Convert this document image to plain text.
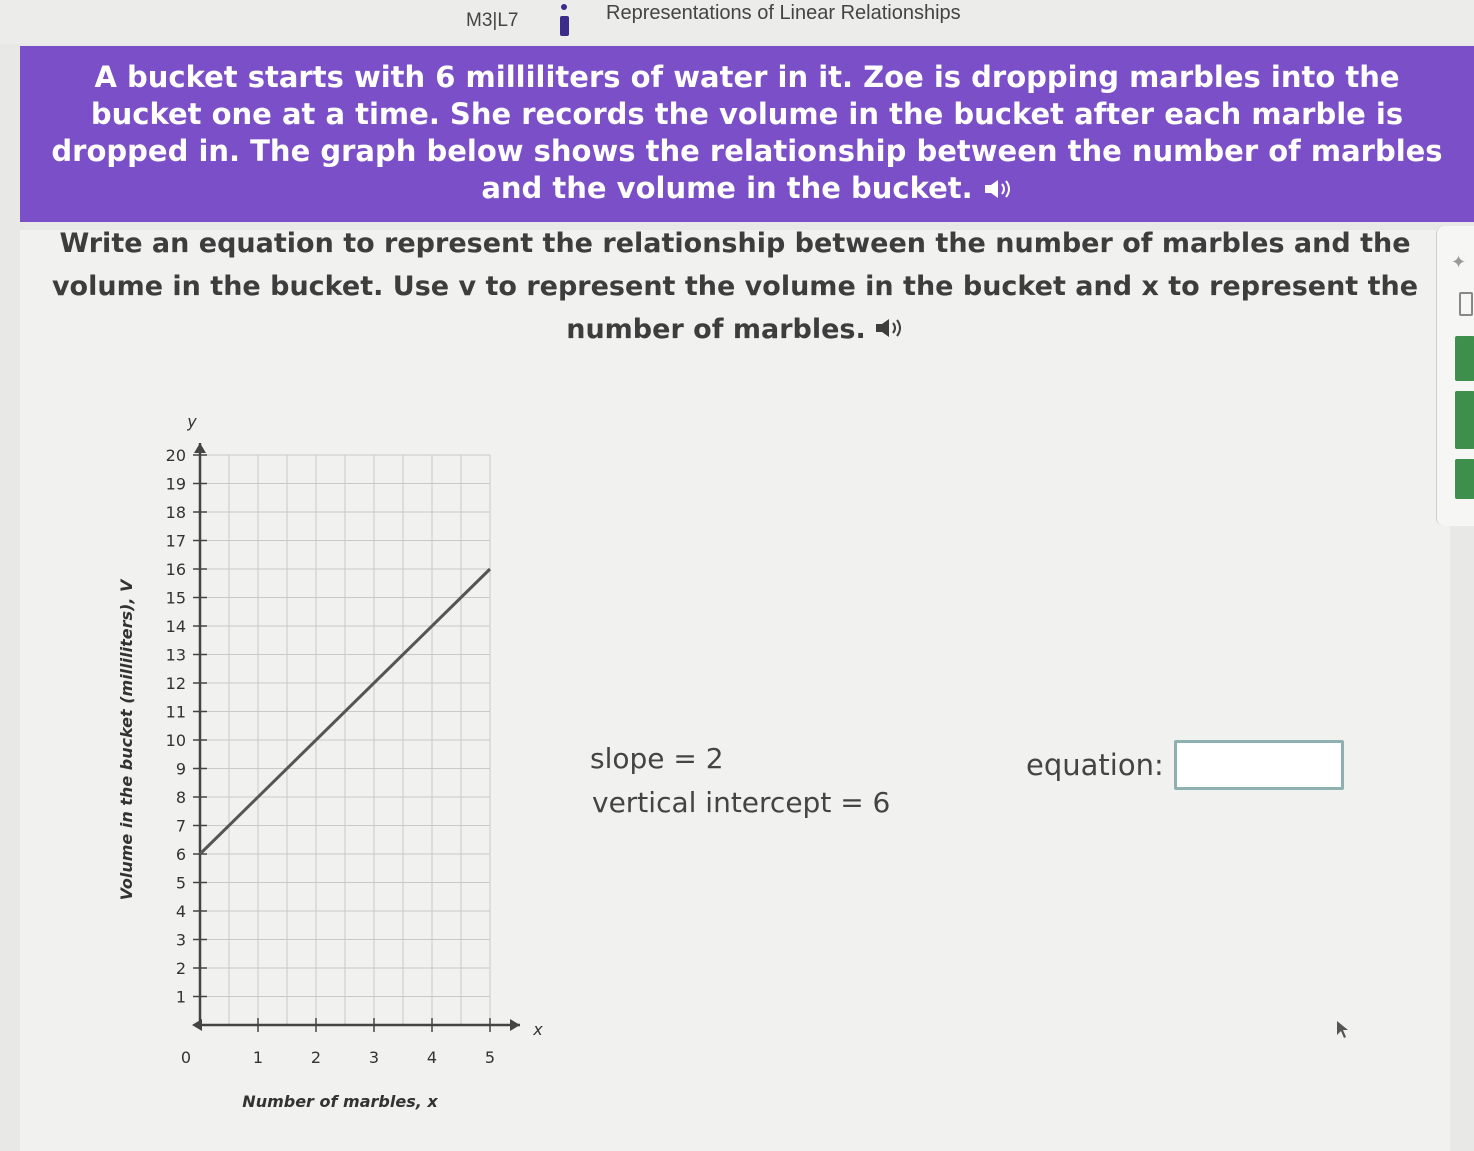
M3|L7	Representations of Linear Relationships

A bucket starts with 6 milliliters of water in it. Zoe is dropping marbles into the bucket one at a time. She records the volume in the bucket after each marble is dropped in. The graph below shows the relationship between the number of marbles and the volume in the bucket.

Write an equation to represent the relationship between the number of marbles and the volume in the bucket. Use v to represent the volume in the bucket and x to represent the number of marbles.
✦
1
2
3
4
5
6
7
8
9
10
11
12
13
14
15
16
17
18
19
20
0	1	2	3	4	5
y
x
Number of marbles, x
Volume in the bucket (milliliters), V	slope = 2
vertical intercept = 6
equation:
